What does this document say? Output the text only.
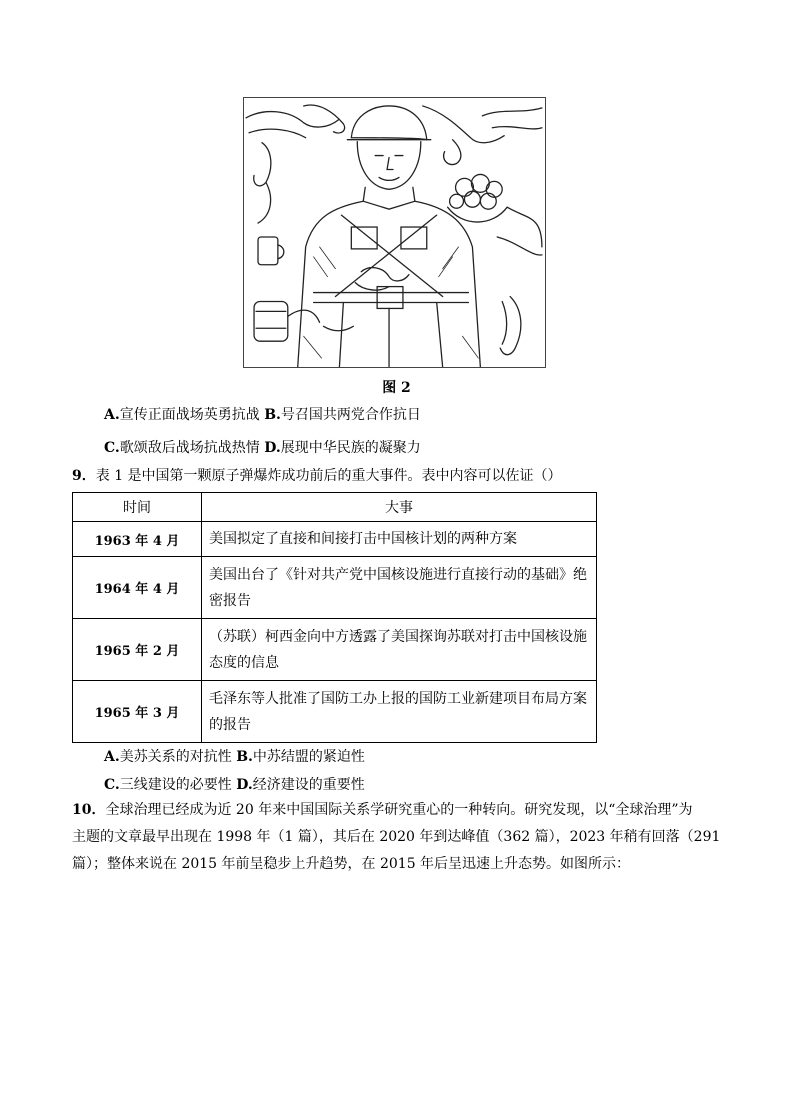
图 2
A.宣传正面战场英勇抗战 B.号召国共两党合作抗日
C.歌颂敌后战场抗战热情 D.展现中华民族的凝聚力
9．表 1 是中国第一颗原子弹爆炸成功前后的重大事件。表中内容可以佐证（）
时间	大事
1963 年 4 月	美国拟定了直接和间接打击中国核计划的两种方案
1964 年 4 月	美国出台了《针对共产党中国核设施进行直接行动的基础》绝密报告
1965 年 2 月	（苏联）柯西金向中方透露了美国探询苏联对打击中国核设施态度的信息
1965 年 3 月	毛泽东等人批准了国防工办上报的国防工业新建项目布局方案的报告
A.美苏关系的对抗性 B.中苏结盟的紧迫性
C.三线建设的必要性 D.经济建设的重要性
10．全球治理已经成为近 20 年来中国国际关系学研究重心的一种转向。研究发现，以“全球治理”为
主题的文章最早出现在 1998 年（1 篇），其后在 2020 年到达峰值（362 篇），2023 年稍有回落（291
篇）；整体来说在 2015 年前呈稳步上升趋势，在 2015 年后呈迅速上升态势。如图所示：
